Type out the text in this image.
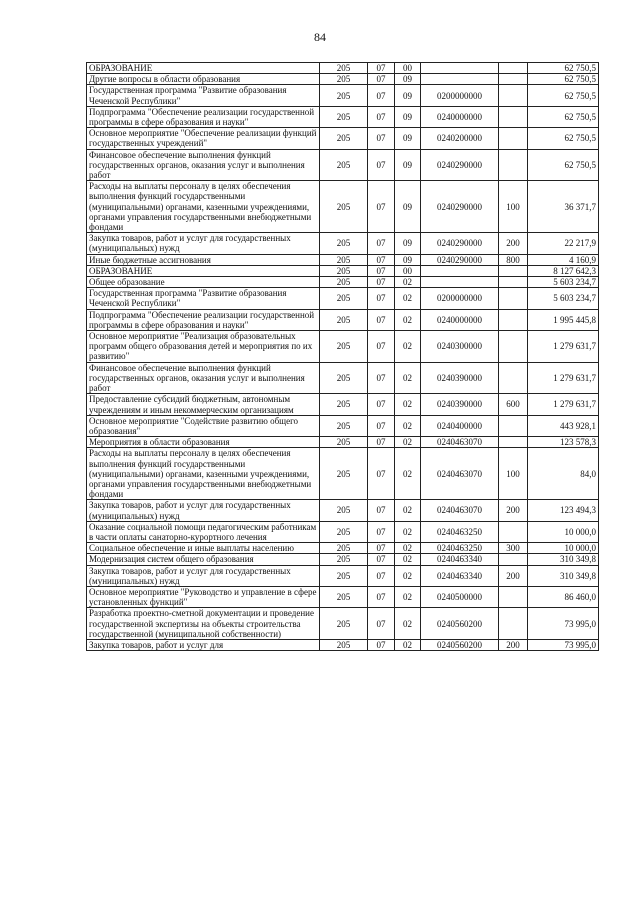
84
ОБРАЗОВАНИЕ	205	07	00			62 750,5
Другие вопросы в области образования	205	07	09			62 750,5
Государственная программа "Развитие образования Чеченской Республики"	205	07	09	0200000000		62 750,5
Подпрограмма "Обеспечение реализации государственной программы в сфере образования и науки"	205	07	09	0240000000		62 750,5
Основное мероприятие "Обеспечение реализации функций государственных учреждений"	205	07	09	0240200000		62 750,5
Финансовое обеспечение выполнения функций государственных органов, оказания услуг и выполнения работ	205	07	09	0240290000		62 750,5
Расходы на выплаты персоналу в целях обеспечения выполнения функций государственными (муниципальными) органами, казенными учреждениями, органами управления государственными внебюджетными фондами	205	07	09	0240290000	100	36 371,7
Закупка товаров, работ и услуг для государственных (муниципальных) нужд	205	07	09	0240290000	200	22 217,9
Иные бюджетные ассигнования	205	07	09	0240290000	800	4 160,9
ОБРАЗОВАНИЕ	205	07	00			8 127 642,3
Общее образование	205	07	02			5 603 234,7
Государственная программа "Развитие образования Чеченской Республики"	205	07	02	0200000000		5 603 234,7
Подпрограмма "Обеспечение реализации государственной программы в сфере образования и науки"	205	07	02	0240000000		1 995 445,8
Основное мероприятие "Реализация образовательных программ общего образования детей и мероприятия по их развитию"	205	07	02	0240300000		1 279 631,7
Финансовое обеспечение выполнения функций государственных органов, оказания услуг и выполнения работ	205	07	02	0240390000		1 279 631,7
Предоставление субсидий бюджетным, автономным учреждениям и иным некоммерческим организациям	205	07	02	0240390000	600	1 279 631,7
Основное мероприятие "Содействие развитию общего образования"	205	07	02	0240400000		443 928,1
Мероприятия в области образования	205	07	02	0240463070		123 578,3
Расходы на выплаты персоналу в целях обеспечения выполнения функций государственными (муниципальными) органами, казенными учреждениями, органами управления государственными внебюджетными фондами	205	07	02	0240463070	100	84,0
Закупка товаров, работ и услуг для государственных (муниципальных) нужд	205	07	02	0240463070	200	123 494,3
Оказание социальной помощи педагогическим работникам в части оплаты санаторно-курортного лечения	205	07	02	0240463250		10 000,0
Социальное обеспечение и иные выплаты населению	205	07	02	0240463250	300	10 000,0
Модернизация систем общего образования	205	07	02	0240463340		310 349,8
Закупка товаров, работ и услуг для государственных (муниципальных) нужд	205	07	02	0240463340	200	310 349,8
Основное мероприятие "Руководство и управление в сфере установленных функций"	205	07	02	0240500000		86 460,0
Разработка проектно-сметной документации и проведение государственной экспертизы на объекты строительства государственной (муниципальной собственности)	205	07	02	0240560200		73 995,0
Закупка товаров, работ и услуг для	205	07	02	0240560200	200	73 995,0
